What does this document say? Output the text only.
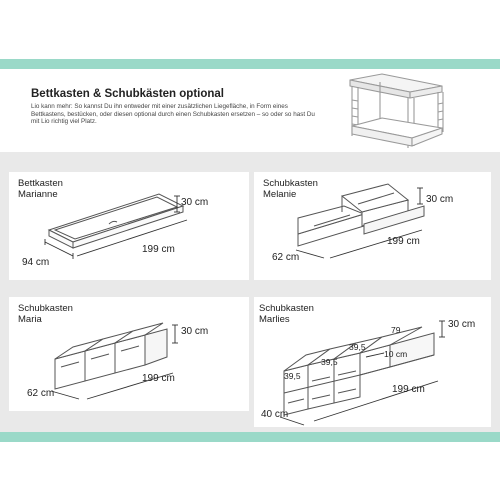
Bettkasten & Schubkästen optional
Lio kann mehr: So kannst Du ihn entweder mit einer zusätzlichen Liegefläche, in Form eines Bettkastens, bestücken, oder diesen optional durch einen Schubkasten ersetzen – so oder so hast Du mit Lio richtig viel Platz.
Bettkasten
Marianne
30 cm
199 cm
94 cm
Schubkasten
Melanie	30 cm
199 cm
62 cm
Schubkasten
Maria
30 cm
199 cm
62 cm
Schubkasten
Marlies
39,5
39,5
39,5
79
10 cm
30 cm
199 cm
40 cm
